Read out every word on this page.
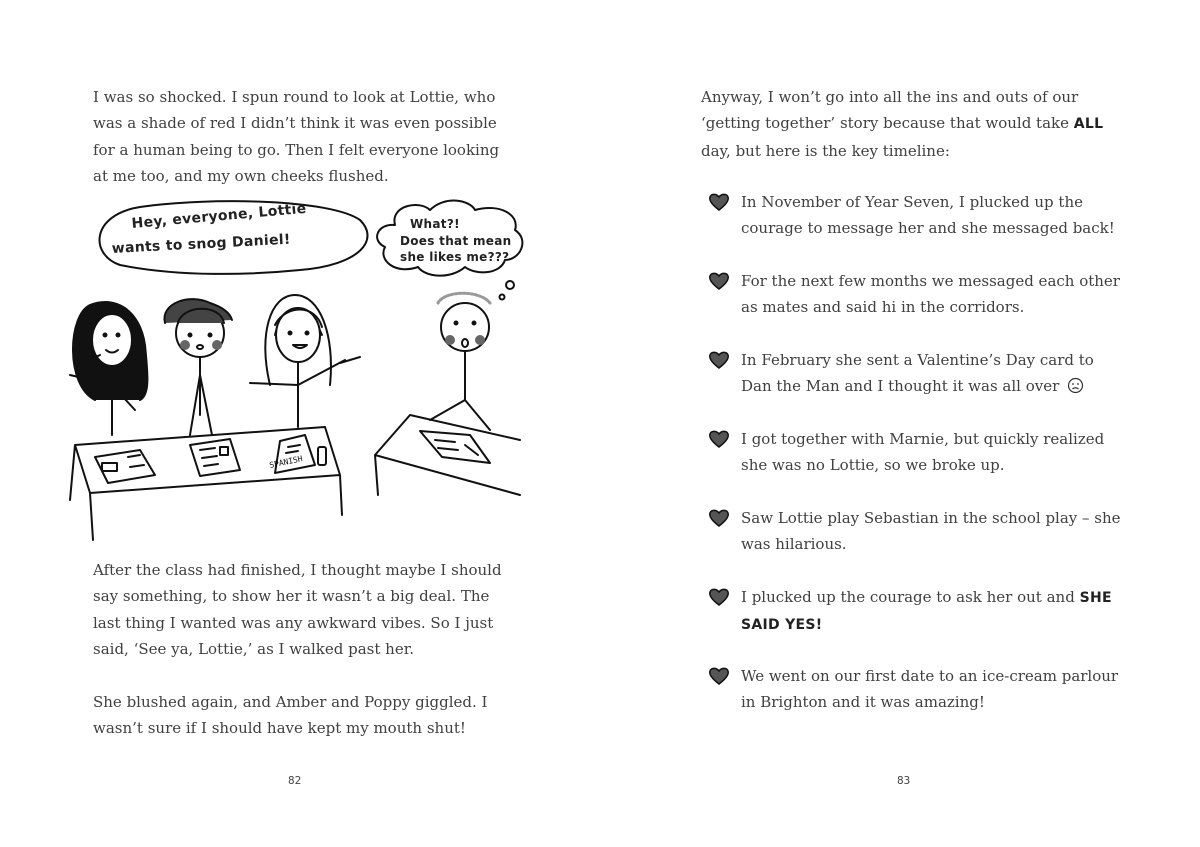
I was so shocked. I spun round to look at Lottie, who was a shade of red I didn’t think it was even possible for a human being to go. Then I felt everyone looking at me too, and my own cheeks flushed.

Hey, everyone, Lottie
wants to snog Daniel!
What?!
Does that mean
she likes me???
SPANISH

After the class had finished, I thought maybe I should say something, to show her it wasn’t a big deal. The last thing I wanted was any awkward vibes. So I just said, ‘See ya, Lottie,’ as I walked past her.

She blushed again, and Amber and Poppy giggled. I wasn’t sure if I should have kept my mouth shut!

82

Anyway, I won’t go into all the ins and outs of our ‘getting together’ story because that would take ALL day, but here is the key timeline:

In November of Year Seven, I plucked up the courage to message her and she messaged back!

For the next few months we messaged each other as mates and said hi in the corridors.

In February she sent a Valentine’s Day card to Dan the Man and I thought it was all over

I got together with Marnie, but quickly realized she was no Lottie, so we broke up.

Saw Lottie play Sebastian in the school play – she was hilarious.

I plucked up the courage to ask her out and SHE SAID YES!

We went on our first date to an ice-cream parlour in Brighton and it was amazing!

83
